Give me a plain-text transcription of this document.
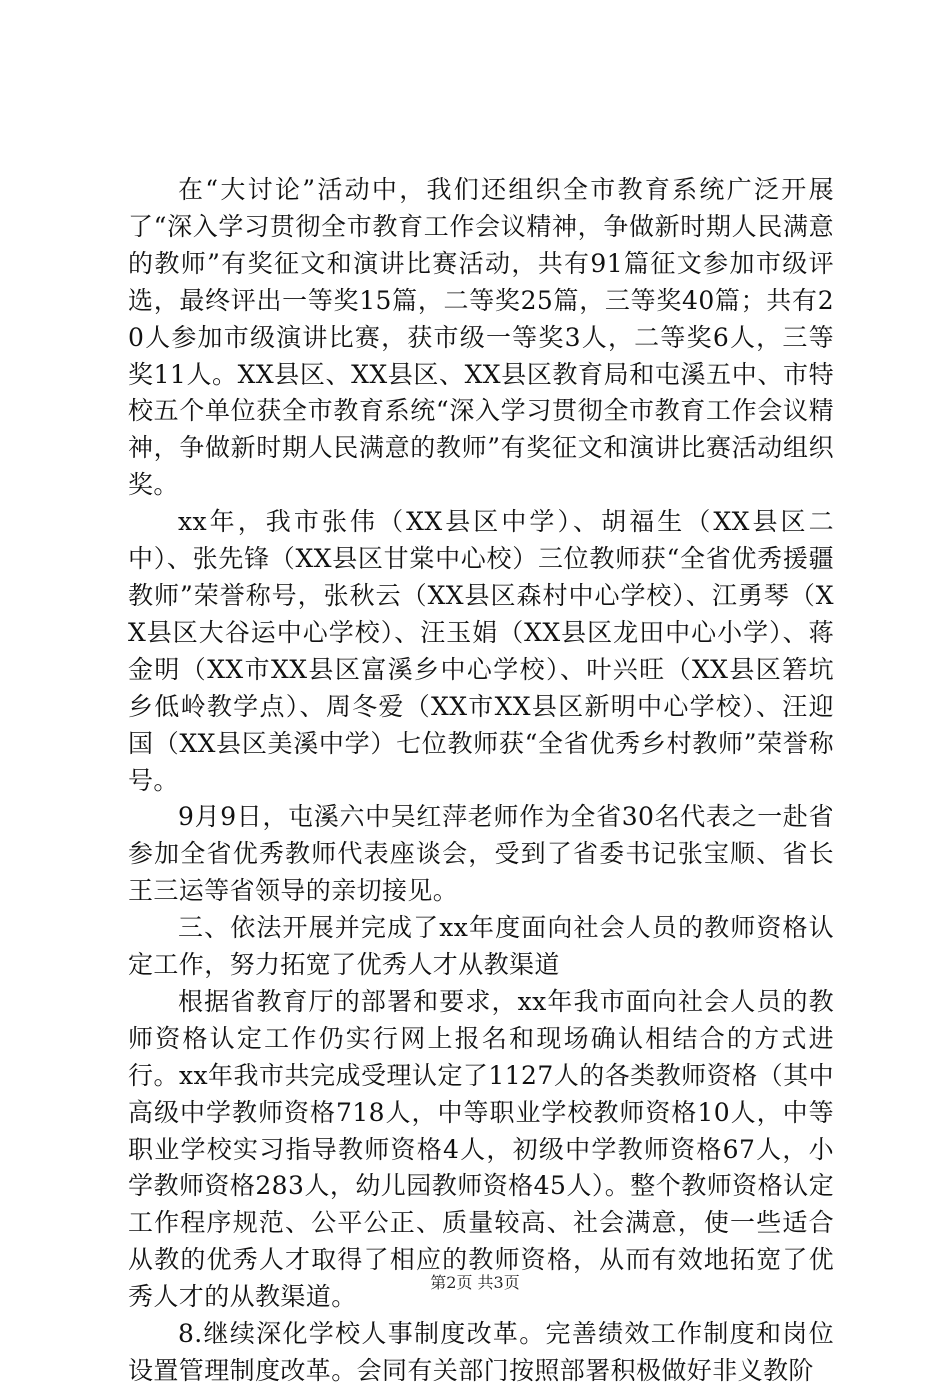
在“大讨论”活动中，我们还组织全市教育系统广泛开展了“深入学习贯彻全市教育工作会议精神，争做新时期人民满意的教师”有奖征文和演讲比赛活动，共有91篇征文参加市级评选，最终评出一等奖15篇，二等奖25篇，三等奖40篇；共有20人参加市级演讲比赛，获市级一等奖3人，二等奖6人，三等奖11人。XX县区、XX县区、XX县区教育局和屯溪五中、市特校五个单位获全市教育系统“深入学习贯彻全市教育工作会议精神，争做新时期人民满意的教师”有奖征文和演讲比赛活动组织奖。

xx年，我市张伟（XX县区中学）、胡福生（XX县区二中）、张先锋（XX县区甘棠中心校）三位教师获“全省优秀援疆教师”荣誉称号，张秋云（XX县区森村中心学校）、江勇琴（XX县区大谷运中心学校）、汪玉娟（XX县区龙田中心小学）、蒋金明（XX市XX县区富溪乡中心学校）、叶兴旺（XX县区箬坑乡低岭教学点）、周冬爱（XX市XX县区新明中心学校）、汪迎国（XX县区美溪中学）七位教师获“全省优秀乡村教师”荣誉称号。

9月9日，屯溪六中吴红萍老师作为全省30名代表之一赴省参加全省优秀教师代表座谈会，受到了省委书记张宝顺、省长王三运等省领导的亲切接见。

三、依法开展并完成了xx年度面向社会人员的教师资格认定工作，努力拓宽了优秀人才从教渠道

根据省教育厅的部署和要求，xx年我市面向社会人员的教师资格认定工作仍实行网上报名和现场确认相结合的方式进行。xx年我市共完成受理认定了1127人的各类教师资格（其中高级中学教师资格718人，中等职业学校教师资格10人，中等职业学校实习指导教师资格4人，初级中学教师资格67人，小学教师资格283人，幼儿园教师资格45人）。整个教师资格认定工作程序规范、公平公正、质量较高、社会满意，使一些适合从教的优秀人才取得了相应的教师资格，从而有效地拓宽了优秀人才的从教渠道。

8.继续深化学校人事制度改革。完善绩效工作制度和岗位设置管理制度改革。会同有关部门按照部署积极做好非义教阶

第2页 共3页
